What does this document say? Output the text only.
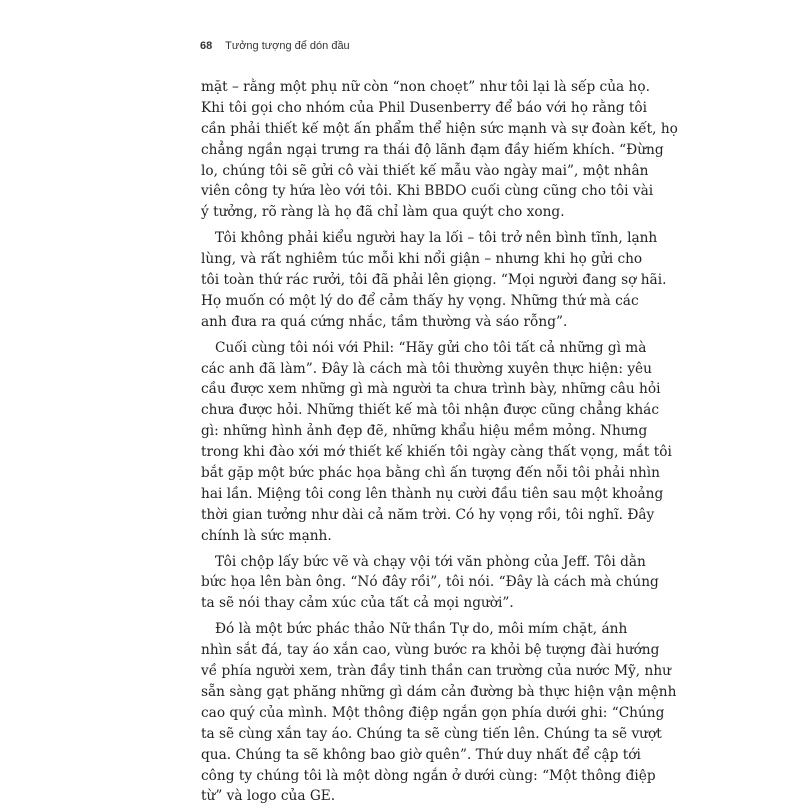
68 Tưởng tượng để dón đầu
mặt – rằng một phụ nữ còn “non choẹt” như tôi lại là sếp của họ.
Khi tôi gọi cho nhóm của Phil Dusenberry để báo với họ rằng tôi
cần phải thiết kế một ấn phẩm thể hiện sức mạnh và sự đoàn kết, họ
chẳng ngần ngại trưng ra thái độ lãnh đạm đầy hiếm khích. “Đừng
lo, chúng tôi sẽ gửi cô vài thiết kế mẫu vào ngày mai”, một nhân
viên công ty hứa lèo với tôi. Khi BBDO cuối cùng cũng cho tôi vài
ý tưởng, rõ ràng là họ đã chỉ làm qua quýt cho xong.
Tôi không phải kiểu người hay la lối – tôi trở nên bình tĩnh, lạnh
lùng, và rất nghiêm túc mỗi khi nổi giận – nhưng khi họ gửi cho
tôi toàn thứ rác rưởi, tôi đã phải lên giọng. “Mọi người đang sợ hãi.
Họ muốn có một lý do để cảm thấy hy vọng. Những thứ mà các
anh đưa ra quá cứng nhắc, tầm thường và sáo rỗng”.
Cuối cùng tôi nói với Phil: “Hãy gửi cho tôi tất cả những gì mà
các anh đã làm”. Đây là cách mà tôi thường xuyên thực hiện: yêu
cầu được xem những gì mà người ta chưa trình bày, những câu hỏi
chưa được hỏi. Những thiết kế mà tôi nhận được cũng chẳng khác
gì: những hình ảnh đẹp đẽ, những khẩu hiệu mềm mỏng. Nhưng
trong khi đào xới mớ thiết kế khiến tôi ngày càng thất vọng, mắt tôi
bắt gặp một bức phác họa bằng chì ấn tượng đến nỗi tôi phải nhìn
hai lần. Miệng tôi cong lên thành nụ cười đầu tiên sau một khoảng
thời gian tưởng như dài cả năm trời. Có hy vọng rồi, tôi nghĩ. Đây
chính là sức mạnh.
Tôi chộp lấy bức vẽ và chạy vội tới văn phòng của Jeff. Tôi dằn
bức họa lên bàn ông. “Nó đây rồi”, tôi nói. “Đây là cách mà chúng
ta sẽ nói thay cảm xúc của tất cả mọi người”.
Đó là một bức phác thảo Nữ thần Tự do, môi mím chặt, ánh
nhìn sắt đá, tay áo xắn cao, vùng bước ra khỏi bệ tượng đài hướng
về phía người xem, tràn đầy tinh thần can trường của nước Mỹ, như
sẵn sàng gạt phăng những gì dám cản đường bà thực hiện vận mệnh
cao quý của mình. Một thông điệp ngắn gọn phía dưới ghi: “Chúng
ta sẽ cùng xắn tay áo. Chúng ta sẽ cùng tiến lên. Chúng ta sẽ vượt
qua. Chúng ta sẽ không bao giờ quên”. Thứ duy nhất để cập tới
công ty chúng tôi là một dòng ngắn ở dưới cùng: “Một thông điệp
từ” và logo của GE.
